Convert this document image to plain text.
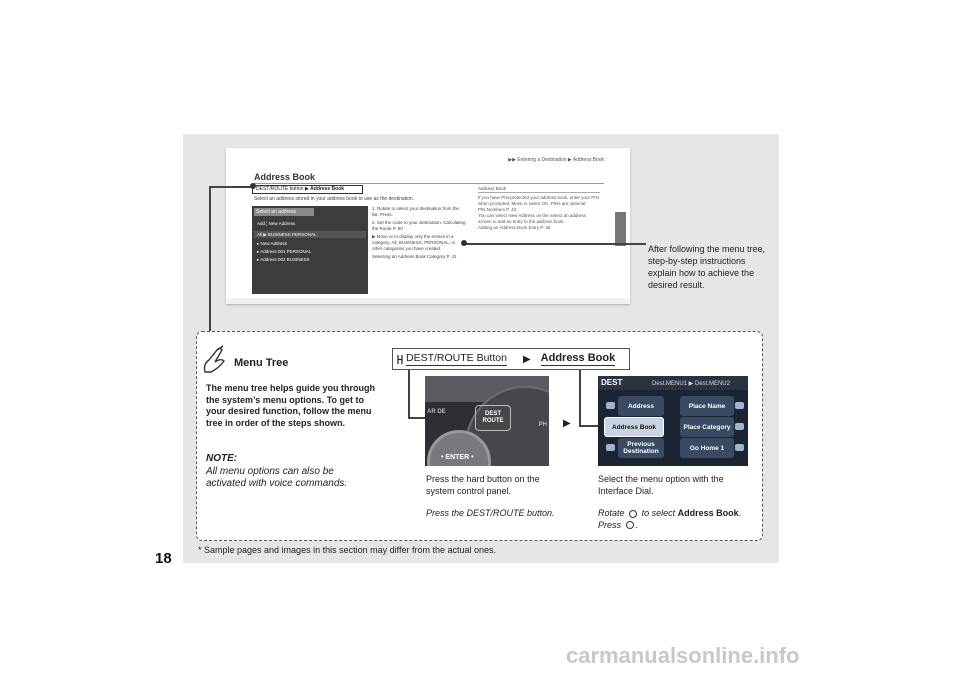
▶▶ Entering a Destination ▶ Address Book
Address Book
DEST/ROUTE button ▶ Address Book
Select an address stored in your address book to use as the destination.
Select an address
Add ¦ New Address
All ▶ BUSINESS PERSONAL
▸ New Address
▸ Address 001 PERSONAL
▸ Address 002 BUSINESS
1. Rotate to select your destination from the list. Press.
2. Set the route to your destination. Calculating the Route P. 90
▶ Move or to display only the entries in a category: All, BUSINESS, PERSONAL, or other categories you have created.
Selecting an Address Book Category P. 41
Address Book
If you have PIN-protected your address book, enter your PIN when prompted. Move to select OK. PINs are optional.
PIN Numbers P. 43
You can select New Address on the Select an address screen to add an entry to the address book.
Adding an Address Book Entry P. 38
After following the menu tree, step-by-step instructions explain how to achieve the desired result.
Menu Tree
The menu tree helps guide you through the system’s menu options. To get to your desired function, follow the menu tree in order of the steps shown.
NOTE:
All menu options can also be activated with voice commands.
DEST/ROUTE Button ▶ Address Book
AR DE
PH
DEST
ROUTE
• ENTER •
▶
DEST	Dest.MENU1 ▶ Dest.MENU2
Address	Place Name
Address Book	Place Category
Previous Destination	Go Home 1
Press the hard button on the system control panel.
Press the DEST/ROUTE button.
Select the menu option with the Interface Dial.
Rotate to select Address Book.
Press .
* Sample pages and images in this section may differ from the actual ones.
18
carmanualsonline.info
